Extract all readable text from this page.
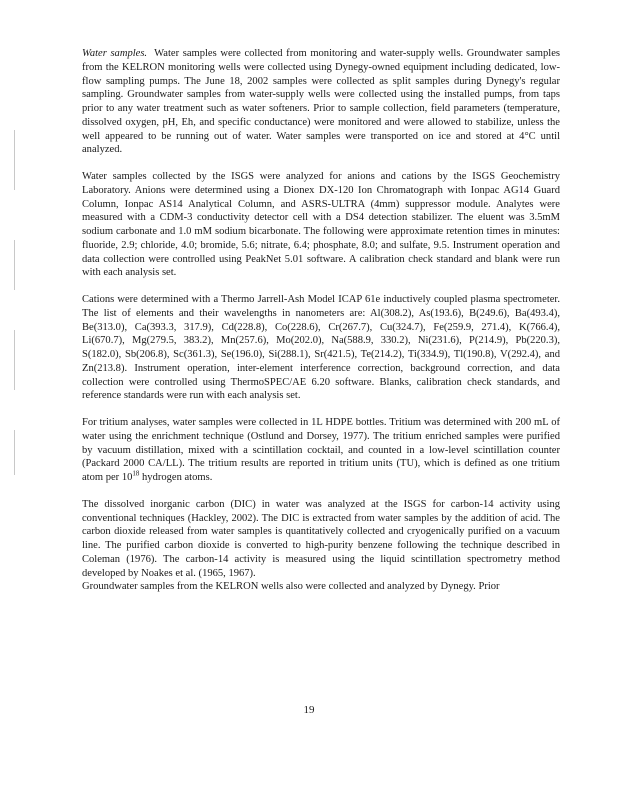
Water samples. Water samples were collected from monitoring and water-supply wells. Groundwater samples from the KELRON monitoring wells were collected using Dynegy-owned equipment including dedicated, low-flow sampling pumps. The June 18, 2002 samples were collected as split samples during Dynegy's regular sampling. Groundwater samples from water-supply wells were collected using the installed pumps, from taps prior to any water treatment such as water softeners. Prior to sample collection, field parameters (temperature, dissolved oxygen, pH, Eh, and specific conductance) were monitored and were allowed to stabilize, unless the well appeared to be running out of water. Water samples were transported on ice and stored at 4°C until analyzed.

Water samples collected by the ISGS were analyzed for anions and cations by the ISGS Geochemistry Laboratory. Anions were determined using a Dionex DX-120 Ion Chromatograph with Ionpac AG14 Guard Column, Ionpac AS14 Analytical Column, and ASRS-ULTRA (4mm) suppressor module. Analytes were measured with a CDM-3 conductivity detector cell with a DS4 detection stabilizer. The eluent was 3.5mM sodium carbonate and 1.0 mM sodium bicarbonate. The following were approximate retention times in minutes: fluoride, 2.9; chloride, 4.0; bromide, 5.6; nitrate, 6.4; phosphate, 8.0; and sulfate, 9.5. Instrument operation and data collection were controlled using PeakNet 5.01 software. A calibration check standard and blank were run with each analysis set.

Cations were determined with a Thermo Jarrell-Ash Model ICAP 61e inductively coupled plasma spectrometer. The list of elements and their wavelengths in nanometers are: Al(308.2), As(193.6), B(249.6), Ba(493.4), Be(313.0), Ca(393.3, 317.9), Cd(228.8), Co(228.6), Cr(267.7), Cu(324.7), Fe(259.9, 271.4), K(766.4), Li(670.7), Mg(279.5, 383.2), Mn(257.6), Mo(202.0), Na(588.9, 330.2), Ni(231.6), P(214.9), Pb(220.3), S(182.0), Sb(206.8), Sc(361.3), Se(196.0), Si(288.1), Sr(421.5), Te(214.2), Ti(334.9), Tl(190.8), V(292.4), and Zn(213.8). Instrument operation, inter-element interference correction, background correction, and data collection were controlled using ThermoSPEC/AE 6.20 software. Blanks, calibration check standards, and reference standards were run with each analysis set.

For tritium analyses, water samples were collected in 1L HDPE bottles. Tritium was determined with 200 mL of water using the enrichment technique (Ostlund and Dorsey, 1977). The tritium enriched samples were purified by vacuum distillation, mixed with a scintillation cocktail, and counted in a low-level scintillation counter (Packard 2000 CA/LL). The tritium results are reported in tritium units (TU), which is defined as one tritium atom per $10^{18}$ hydrogen atoms.

The dissolved inorganic carbon (DIC) in water was analyzed at the ISGS for carbon-14 activity using conventional techniques (Hackley, 2002). The DIC is extracted from water samples by the addition of acid. The carbon dioxide released from water samples is quantitatively collected and cryogenically purified on a vacuum line. The purified carbon dioxide is converted to high-purity benzene following the technique described in Coleman (1976). The carbon-14 activity is measured using the liquid scintillation spectrometry method developed by Noakes et al. (1965, 1967).

Groundwater samples from the KELRON wells also were collected and analyzed by Dynegy. Prior

19
